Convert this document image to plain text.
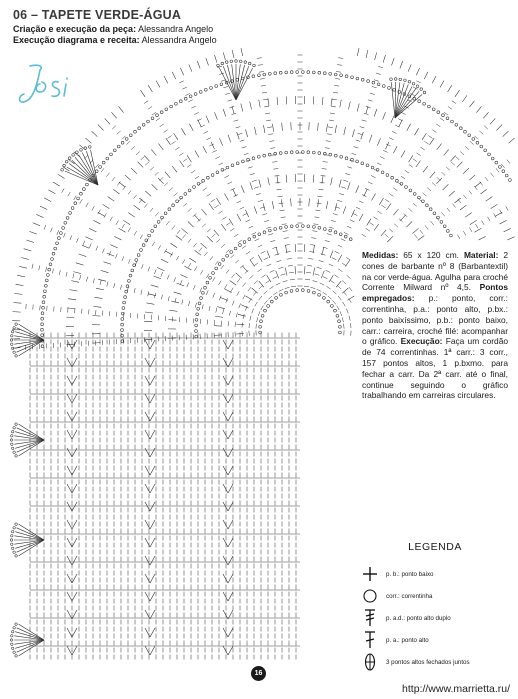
06 – TAPETE VERDE-ÁGUA

Criação e execução da peça: Alessandra Angelo

Execução diagrama e receita: Alessandra Angelo

Medidas: 65 x 120 cm. Material: 2 cones de barbante nº 8 (Barbantextil) na cor verde-água. Agulha para croché Corrente Milward nº 4,5. Pontos empregados: p.: ponto, corr.: correntinha, p.a.: ponto alto, p.bx.: ponto baixíssimo, p.b.: ponto baixo, carr.: carreira, croché filé: acompanhar o gráfico. Execução: Faça um cordão de 74 correntinhas. 1ª carr.: 3 corr., 157 pontos altos, 1 p.bxmo. para fechar a carr. Da 2ª carr. até o final, continue seguindo o gráfico trabalhando em carreiras circulares.

LEGENDA

p. b.: ponto baixo
corr.: correntinha
p. a.d.: ponto alto duplo
p. a.: ponto alto
3 pontos altos fechados juntos
16
http://www.marrietta.ru/
